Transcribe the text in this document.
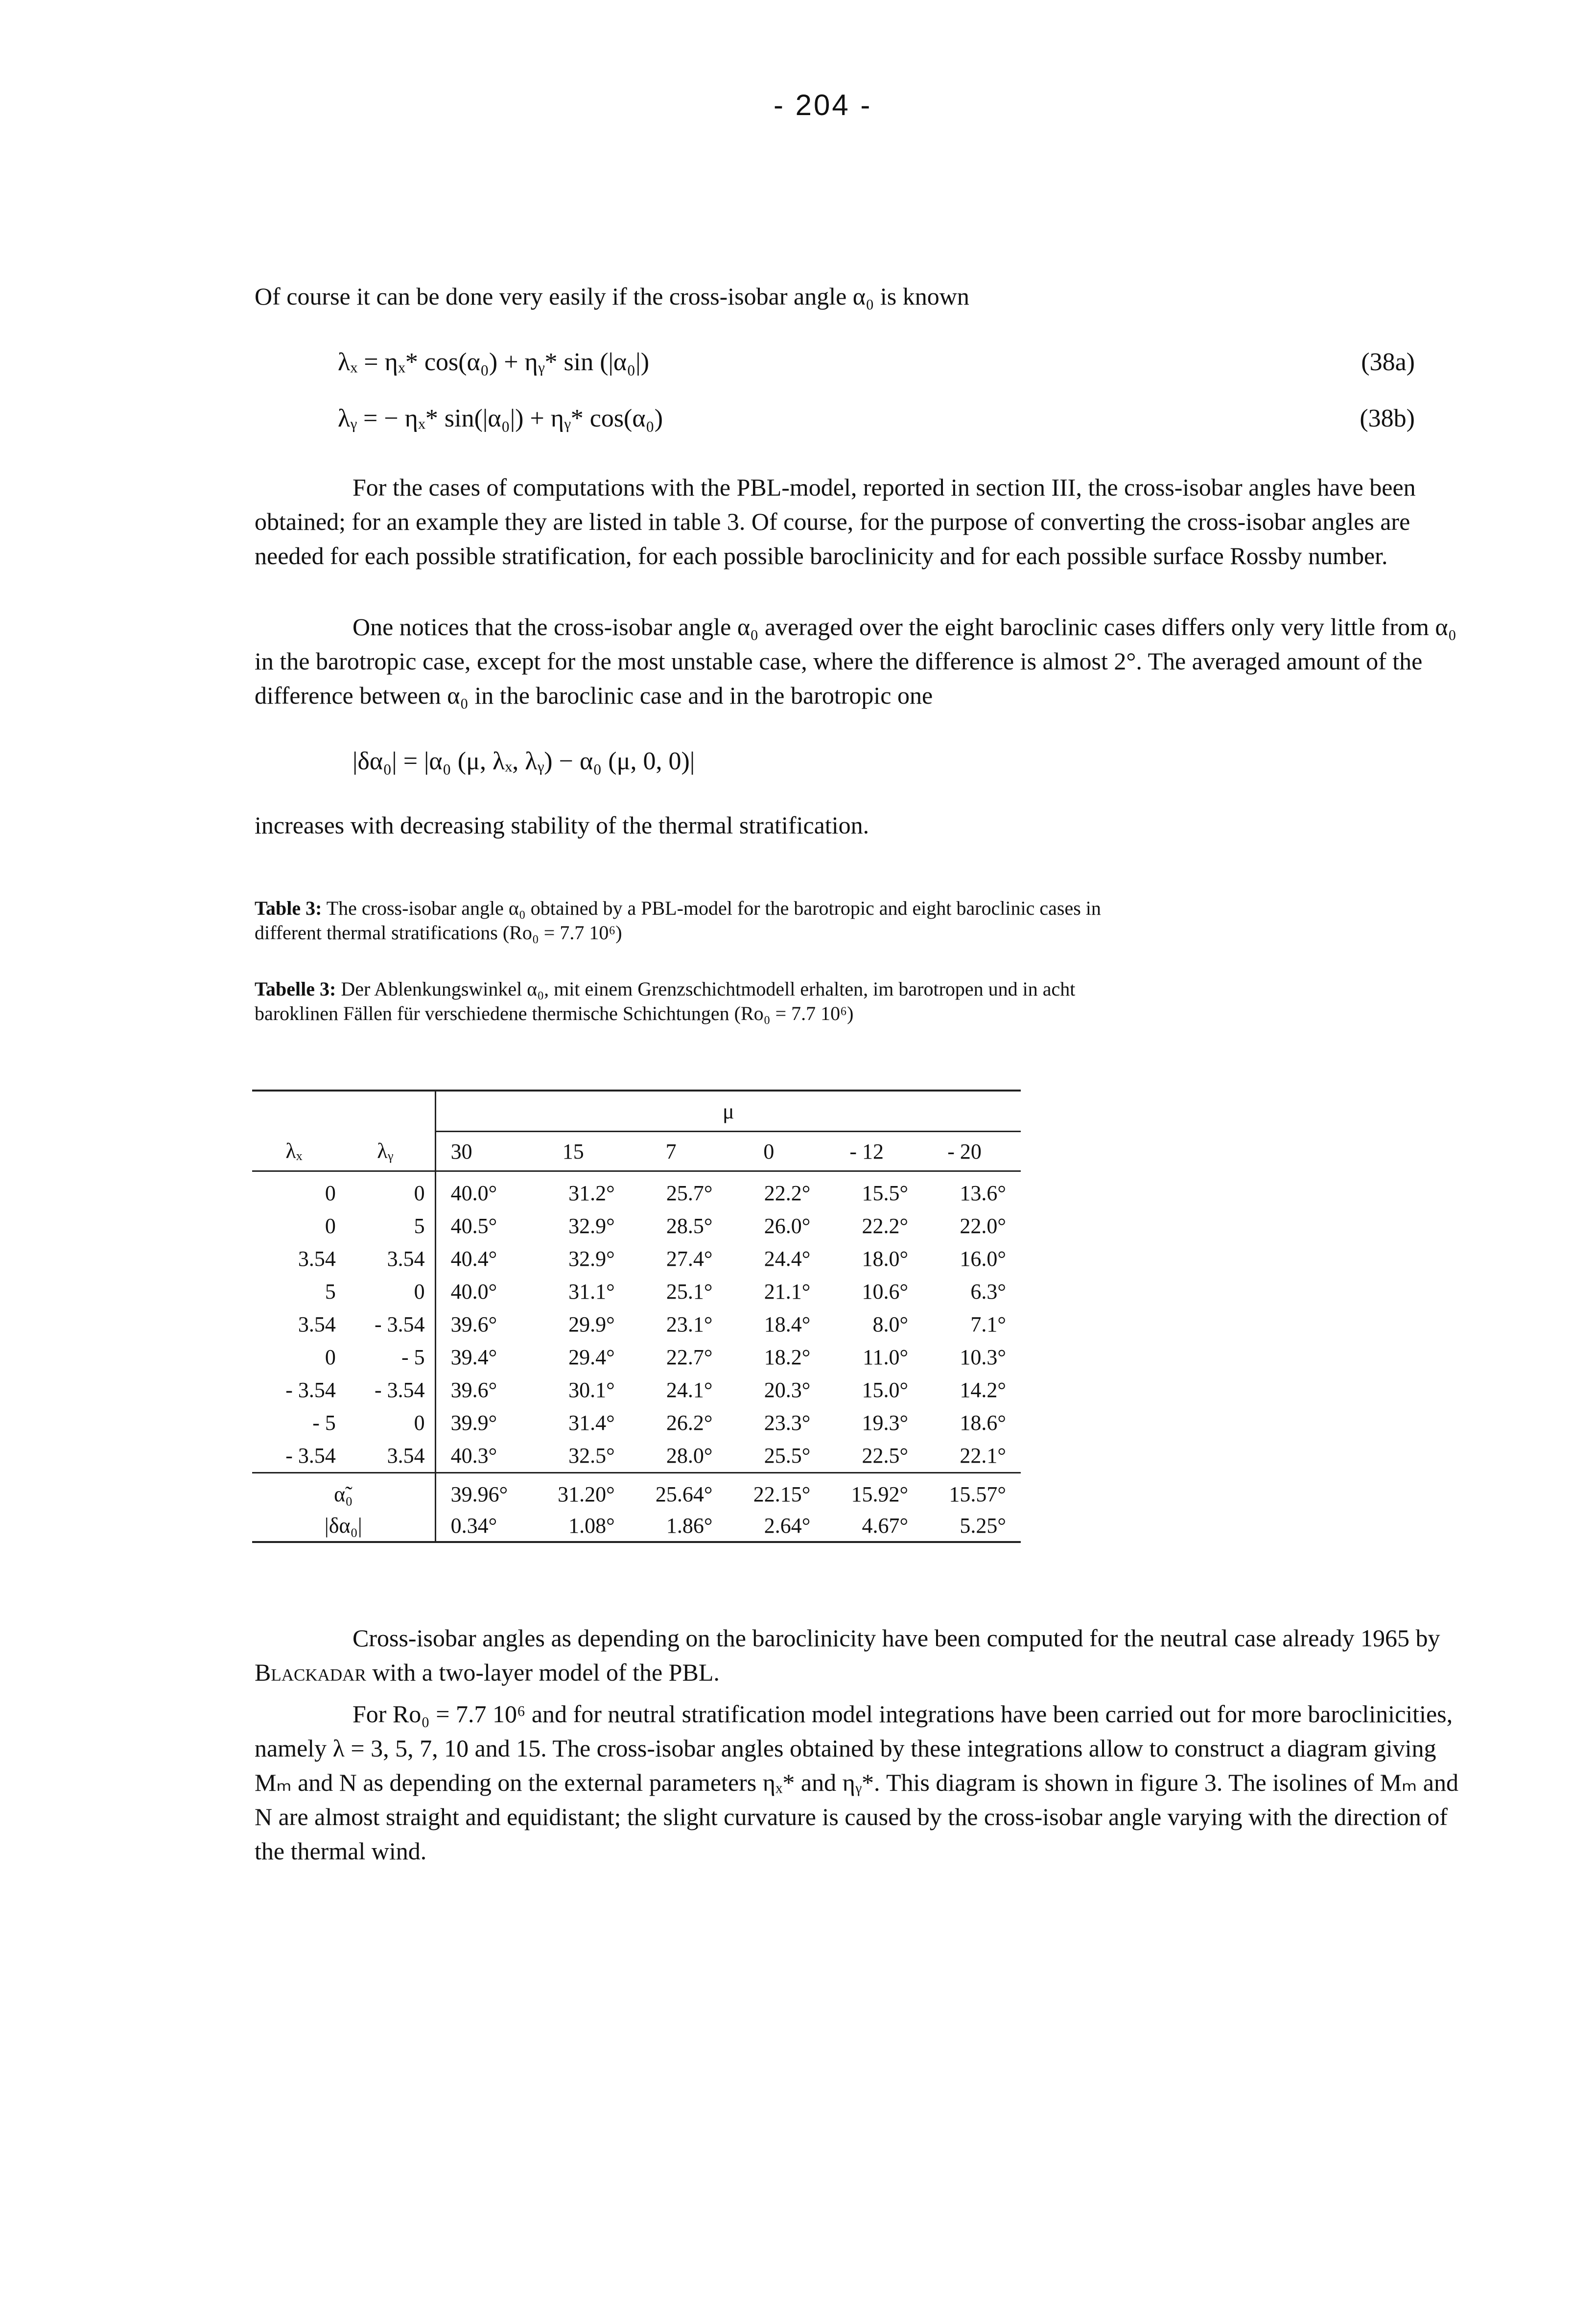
- 204 -
Of course it can be done very easily if the cross-isobar angle α₀ is known
λₓ = ηₓ* cos(α₀) + ηᵧ* sin (|α₀|)	(38a)
λᵧ = − ηₓ* sin(|α₀|) + ηᵧ* cos(α₀)	(38b)
For the cases of computations with the PBL-model, reported in section III, the cross-isobar angles have been obtained; for an example they are listed in table 3. Of course, for the purpose of converting the cross-isobar angles are needed for each possible stratification, for each possible baroclinicity and for each possible surface Rossby number.
One notices that the cross-isobar angle α₀ averaged over the eight baroclinic cases differs only very little from α₀ in the barotropic case, except for the most unstable case, where the difference is almost 2°. The averaged amount of the difference between α₀ in the baroclinic case and in the barotropic one
|δα₀| = |α₀ (μ, λₓ, λᵧ) − α₀ (μ, 0, 0)|
increases with decreasing stability of the thermal stratification.
Table 3: The cross-isobar angle α₀ obtained by a PBL-model for the barotropic and eight baroclinic cases in different thermal stratifications (Ro₀ = 7.7 10⁶)
Tabelle 3: Der Ablenkungswinkel α₀, mit einem Grenzschichtmodell erhalten, im barotropen und in acht baroklinen Fällen für verschiedene thermische Schichtungen (Ro₀ = 7.7 10⁶)
		μ					
λₓ	λᵧ	30	15	7	0	- 12	- 20

0	0	40.0°	31.2°	25.7°	22.2°	15.5°	13.6°
0	5	40.5°	32.9°	28.5°	26.0°	22.2°	22.0°
3.54	3.54	40.4°	32.9°	27.4°	24.4°	18.0°	16.0°
5	0	40.0°	31.1°	25.1°	21.1°	10.6°	6.3°
3.54	- 3.54	39.6°	29.9°	23.1°	18.4°	8.0°	7.1°
0	- 5	39.4°	29.4°	22.7°	18.2°	11.0°	10.3°
- 3.54	- 3.54	39.6°	30.1°	24.1°	20.3°	15.0°	14.2°
- 5	0	39.9°	31.4°	26.2°	23.3°	19.3°	18.6°
- 3.54	3.54	40.3°	32.5°	28.0°	25.5°	22.5°	22.1°

α̃₀		39.96°	31.20°	25.64°	22.15°	15.92°	15.57°
|δα₀|		0.34°	1.08°	1.86°	2.64°	4.67°	5.25°
Cross-isobar angles as depending on the baroclinicity have been computed for the neutral case already 1965 by Blackadar with a two-layer model of the PBL.
For Ro₀ = 7.7 10⁶ and for neutral stratification model integrations have been carried out for more baroclinicities, namely λ = 3, 5, 7, 10 and 15. The cross-isobar angles obtained by these integrations allow to construct a diagram giving Mₘ and N as depending on the external parameters ηₓ* and ηᵧ*. This diagram is shown in figure 3. The isolines of Mₘ and N are almost straight and equidistant; the slight curvature is caused by the cross-isobar angle varying with the direction of the thermal wind.
